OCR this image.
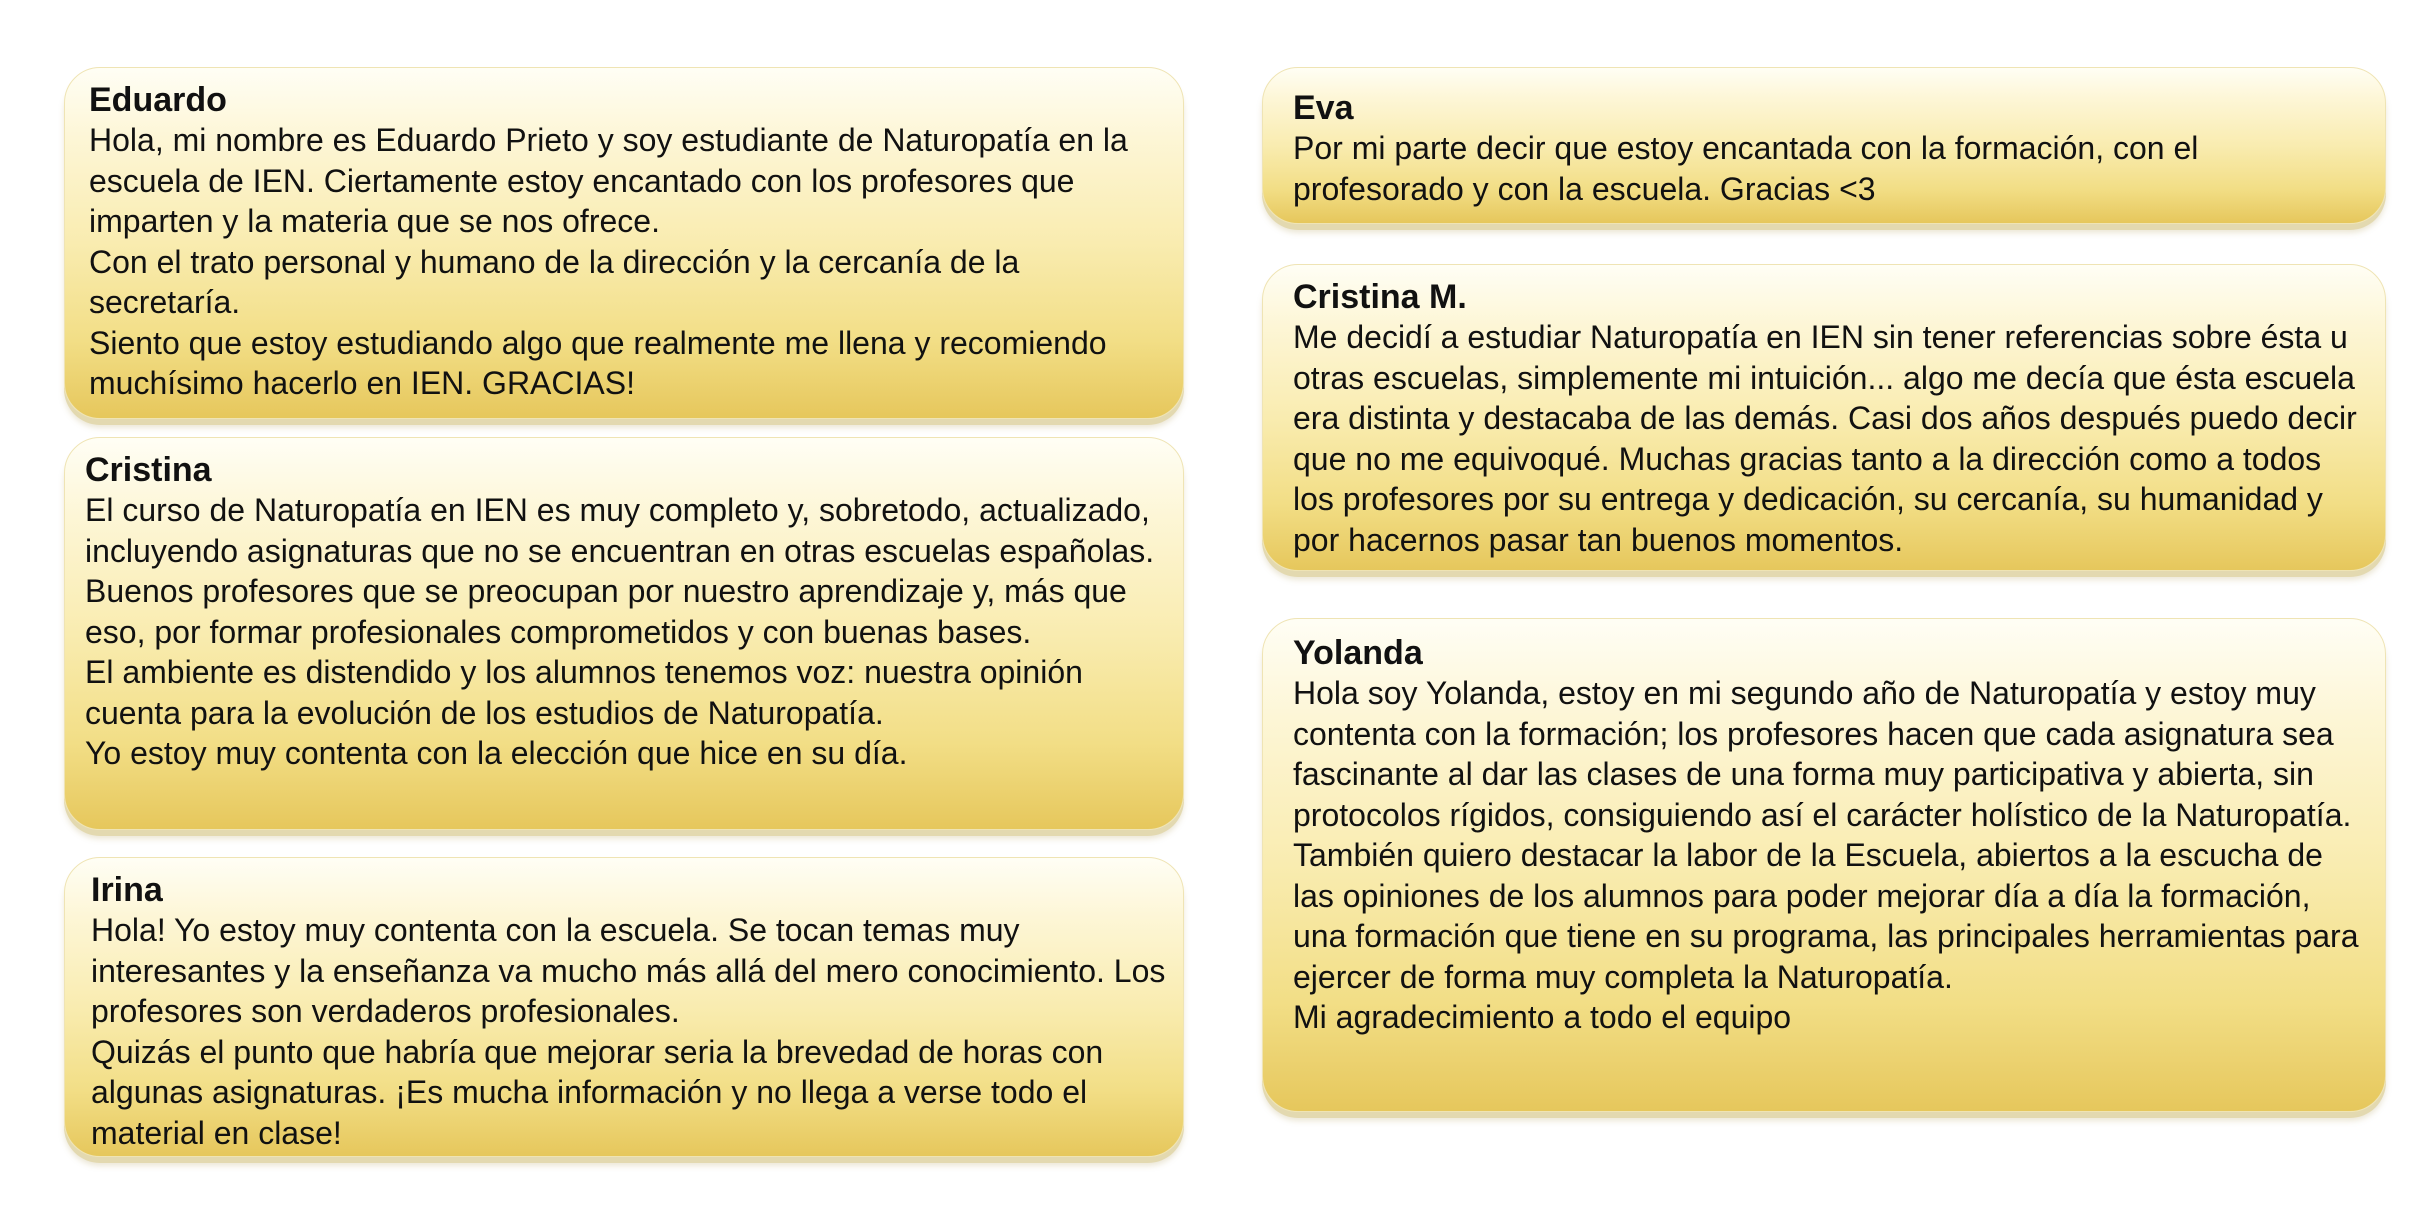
Eduardo

Hola, mi nombre es Eduardo Prieto y soy estudiante de Naturopatía en la escuela de IEN. Ciertamente estoy encantado con los profesores que imparten y la materia que se nos ofrece.

Con el trato personal y humano de la dirección y la cercanía de la secretaría.

Siento que estoy estudiando algo que realmente me llena y recomiendo muchísimo hacerlo en IEN. GRACIAS!

Cristina

El curso de Naturopatía en IEN es muy completo y, sobretodo, actualizado, incluyendo asignaturas que no se encuentran en otras escuelas españolas.

Buenos profesores que se preocupan por nuestro aprendizaje y, más que eso, por formar profesionales comprometidos y con buenas bases.

El ambiente es distendido y los alumnos tenemos voz: nuestra opinión cuenta para la evolución de los estudios de Naturopatía.

Yo estoy muy contenta con la elección que hice en su día.

Irina

Hola! Yo estoy muy contenta con la escuela. Se tocan temas muy interesantes y la enseñanza va mucho más allá del mero conocimiento. Los profesores son verdaderos profesionales.

Quizás el punto que habría que mejorar seria la brevedad de horas con algunas asignaturas. ¡Es mucha información y no llega a verse todo el material en clase!

Eva

Por mi parte decir que estoy encantada con la formación, con el profesorado y con la escuela. Gracias <3

Cristina M.

Me decidí a estudiar Naturopatía en IEN sin tener referencias sobre ésta u otras escuelas, simplemente mi intuición... algo me decía que ésta escuela era distinta y destacaba de las demás. Casi dos años después puedo decir que no me equivoqué. Muchas gracias tanto a la dirección como a todos los profesores por su entrega y dedicación, su cercanía, su humanidad y por hacernos pasar tan buenos momentos.

Yolanda

Hola soy Yolanda, estoy en mi segundo año de Naturopatía y estoy muy contenta con la formación; los profesores hacen que cada asignatura sea fascinante al dar las clases de una forma muy participativa y abierta, sin protocolos rígidos, consiguiendo así el carácter holístico de la Naturopatía.

También quiero destacar la labor de la Escuela, abiertos a la escucha de las opiniones de los alumnos para poder mejorar día a día la formación, una formación que tiene en su programa, las principales herramientas para ejercer de forma muy completa la Naturopatía.

Mi agradecimiento a todo el equipo
